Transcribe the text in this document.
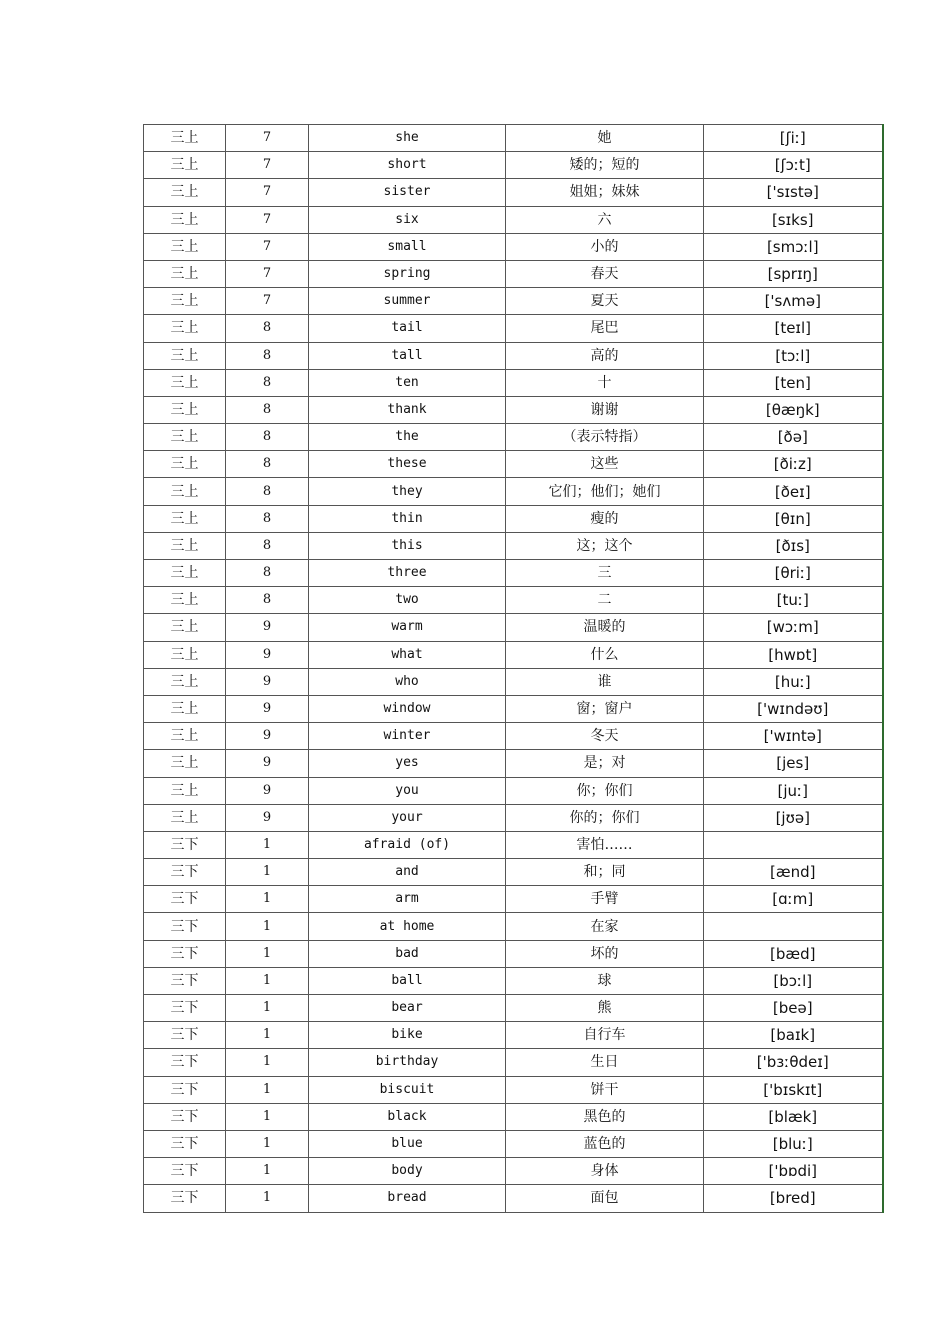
三上	7	she	她	[ʃiː]
三上	7	short	矮的；短的	[ʃɔːt]
三上	7	sister	姐姐；妹妹	['sɪstə]
三上	7	six	六	[sɪks]
三上	7	small	小的	[smɔːl]
三上	7	spring	春天	[sprɪŋ]
三上	7	summer	夏天	['sʌmə]
三上	8	tail	尾巴	[teɪl]
三上	8	tall	高的	[tɔːl]
三上	8	ten	十	[ten]
三上	8	thank	谢谢	[θæŋk]
三上	8	the	（表示特指）	[ðə]
三上	8	these	这些	[ðiːz]
三上	8	they	它们；他们；她们	[ðeɪ]
三上	8	thin	瘦的	[θɪn]
三上	8	this	这；这个	[ðɪs]
三上	8	three	三	[θriː]
三上	8	two	二	[tuː]
三上	9	warm	温暖的	[wɔːm]
三上	9	what	什么	[hwɒt]
三上	9	who	谁	[huː]
三上	9	window	窗；窗户	['wɪndəʊ]
三上	9	winter	冬天	['wɪntə]
三上	9	yes	是；对	[jes]
三上	9	you	你；你们	[juː]
三上	9	your	你的；你们	[jʊə]
三下	1	afraid (of)	害怕……	
三下	1	and	和；同	[ænd]
三下	1	arm	手臂	[ɑːm]
三下	1	at home	在家	
三下	1	bad	坏的	[bæd]
三下	1	ball	球	[bɔːl]
三下	1	bear	熊	[beə]
三下	1	bike	自行车	[baɪk]
三下	1	birthday	生日	['bɜːθdeɪ]
三下	1	biscuit	饼干	['bɪskɪt]
三下	1	black	黑色的	[blæk]
三下	1	blue	蓝色的	[bluː]
三下	1	body	身体	['bɒdi]
三下	1	bread	面包	[bred]
